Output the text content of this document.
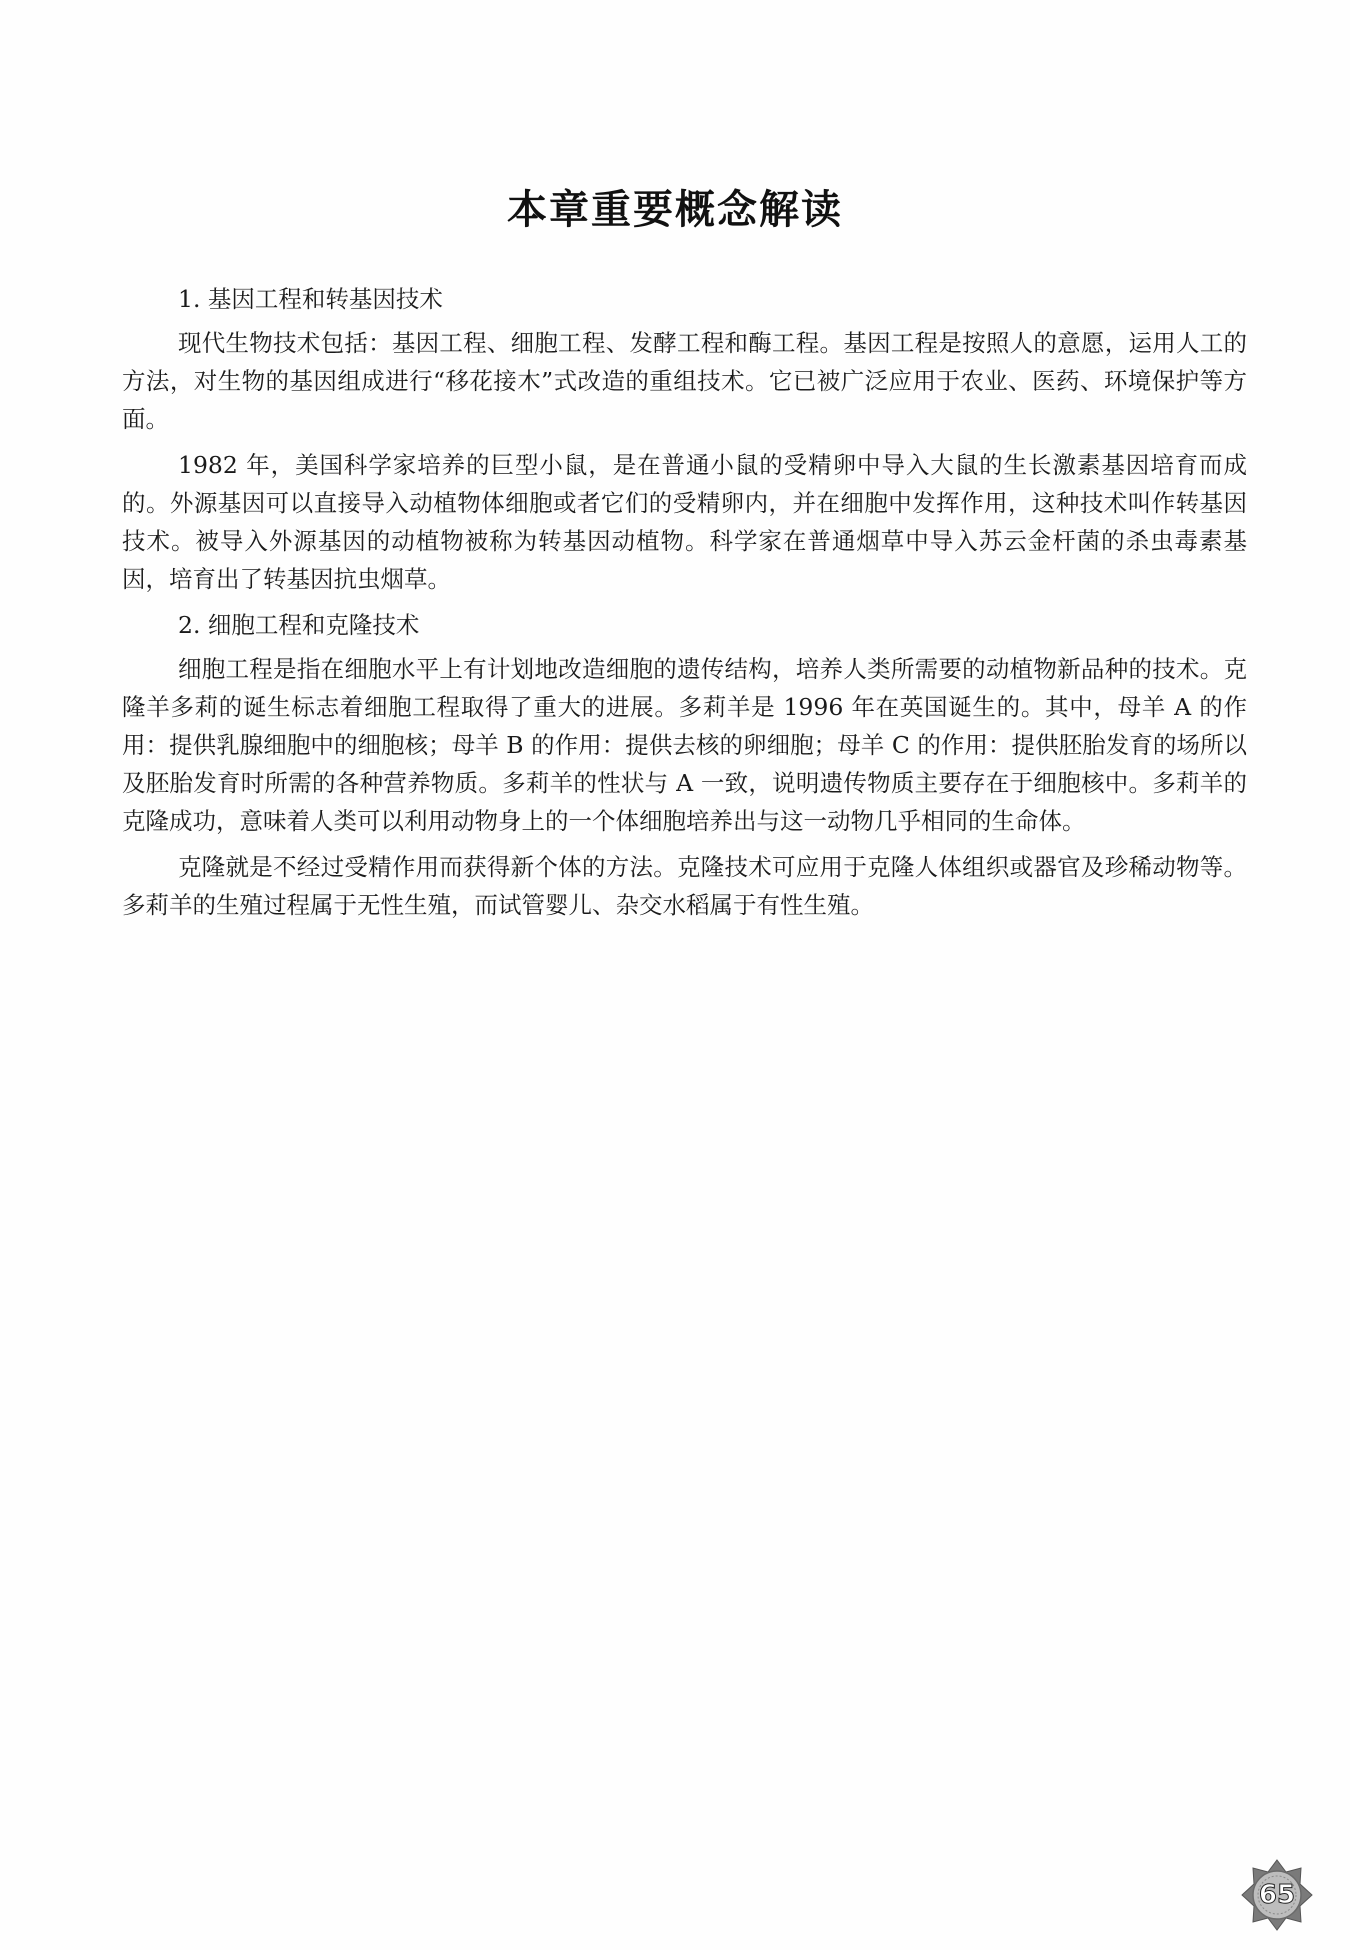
本章重要概念解读

1. 基因工程和转基因技术

现代生物技术包括：基因工程、细胞工程、发酵工程和酶工程。基因工程是按照人的意愿，运用人工的方法，对生物的基因组成进行“移花接木”式改造的重组技术。它已被广泛应用于农业、医药、环境保护等方面。

1982 年，美国科学家培养的巨型小鼠，是在普通小鼠的受精卵中导入大鼠的生长激素基因培育而成的。外源基因可以直接导入动植物体细胞或者它们的受精卵内，并在细胞中发挥作用，这种技术叫作转基因技术。被导入外源基因的动植物被称为转基因动植物。科学家在普通烟草中导入苏云金杆菌的杀虫毒素基因，培育出了转基因抗虫烟草。

2. 细胞工程和克隆技术

细胞工程是指在细胞水平上有计划地改造细胞的遗传结构，培养人类所需要的动植物新品种的技术。克隆羊多莉的诞生标志着细胞工程取得了重大的进展。多莉羊是 1996 年在英国诞生的。其中，母羊 A 的作用：提供乳腺细胞中的细胞核；母羊 B 的作用：提供去核的卵细胞；母羊 C 的作用：提供胚胎发育的场所以及胚胎发育时所需的各种营养物质。多莉羊的性状与 A 一致，说明遗传物质主要存在于细胞核中。多莉羊的克隆成功，意味着人类可以利用动物身上的一个体细胞培养出与这一动物几乎相同的生命体。

克隆就是不经过受精作用而获得新个体的方法。克隆技术可应用于克隆人体组织或器官及珍稀动物等。多莉羊的生殖过程属于无性生殖，而试管婴儿、杂交水稻属于有性生殖。

65
